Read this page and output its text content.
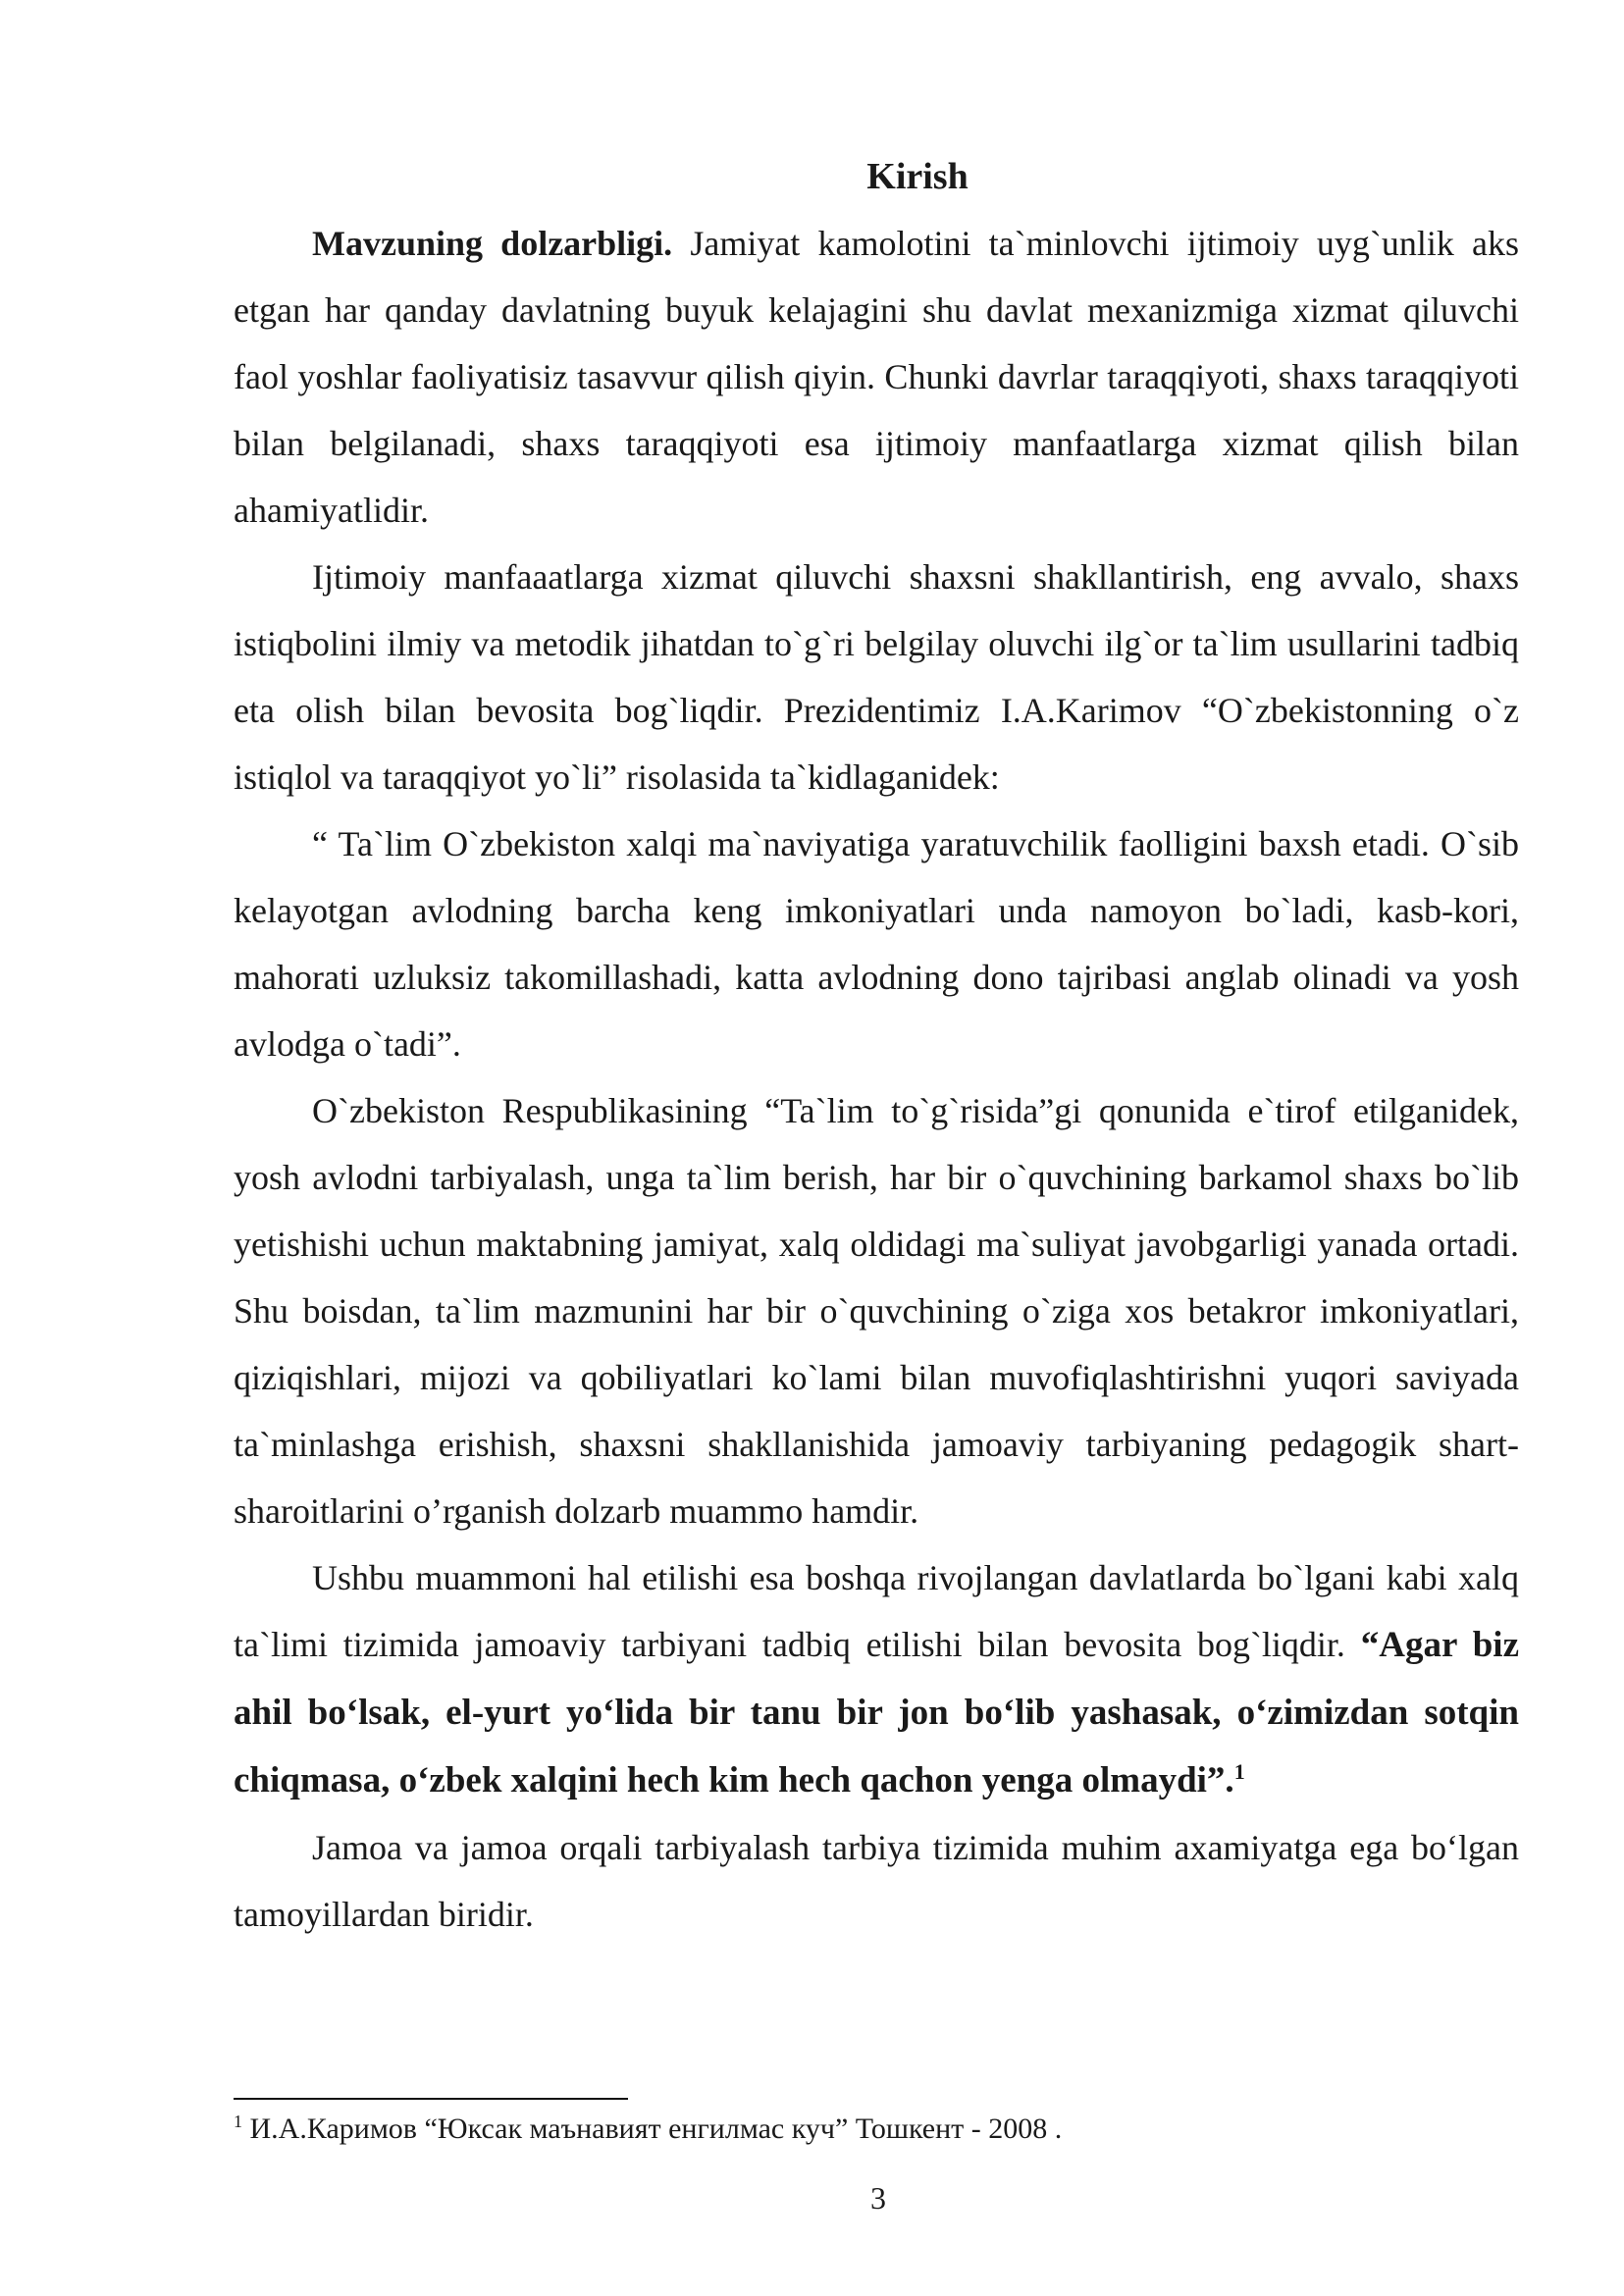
Kirish

Mavzuning dolzarbligi. Jamiyat kamolotini ta`minlovchi ijtimoiy uyg`unlik aks etgan har qanday davlatning buyuk kelajagini shu davlat mexanizmiga xizmat qiluvchi faol yoshlar faoliyatisiz tasavvur qilish qiyin. Chunki davrlar taraqqiyoti, shaxs taraqqiyoti bilan belgilanadi, shaxs taraqqiyoti esa ijtimoiy manfaatlarga xizmat qilish bilan ahamiyatlidir.

Ijtimoiy manfaaatlarga xizmat qiluvchi shaxsni shakllantirish, eng avvalo, shaxs istiqbolini ilmiy va metodik jihatdan to`g`ri belgilay oluvchi ilg`or ta`lim usullarini tadbiq eta olish bilan bevosita bog`liqdir. Prezidentimiz I.A.Karimov “O`zbekistonning o`z istiqlol va taraqqiyot yo`li” risolasida ta`kidlaganidek:

“ Ta`lim O`zbekiston xalqi ma`naviyatiga yaratuvchilik faolligini baxsh etadi. O`sib kelayotgan avlodning barcha keng imkoniyatlari unda namoyon bo`ladi, kasb-kori, mahorati uzluksiz takomillashadi, katta avlodning dono tajribasi anglab olinadi va yosh avlodga o`tadi”.

O`zbekiston Respublikasining “Ta`lim to`g`risida”gi qonunida e`tirof etilganidek, yosh avlodni tarbiyalash, unga ta`lim berish, har bir o`quvchining barkamol shaxs bo`lib yetishishi uchun maktabning jamiyat, xalq oldidagi ma`suliyat javobgarligi yanada ortadi. Shu boisdan, ta`lim mazmunini har bir o`quvchining o`ziga xos betakror imkoniyatlari, qiziqishlari, mijozi va qobiliyatlari ko`lami bilan muvofiqlashtirishni yuqori saviyada ta`minlashga erishish, shaxsni shakllanishida jamoaviy tarbiyaning pedagogik shart-sharoitlarini o’rganish dolzarb muammo hamdir.

Ushbu muammoni hal etilishi esa boshqa rivojlangan davlatlarda bo`lgani kabi xalq ta`limi tizimida jamoaviy tarbiyani tadbiq etilishi bilan bevosita bog`liqdir. “Agar biz ahil bo‘lsak, el-yurt yo‘lida bir tanu bir jon bo‘lib yashasak, o‘zimizdan sotqin chiqmasa, o‘zbek xalqini hech kim hech qachon yenga olmaydi”.$^1$

Jamoa va jamoa orqali tarbiyalash tarbiya tizimida muhim axamiyatga ega bo‘lgan tamoyillardan biridir.

$^1$ И.А.Каримов “Юксак маънавият енгилмас куч” Тошкент - 2008 .
3
